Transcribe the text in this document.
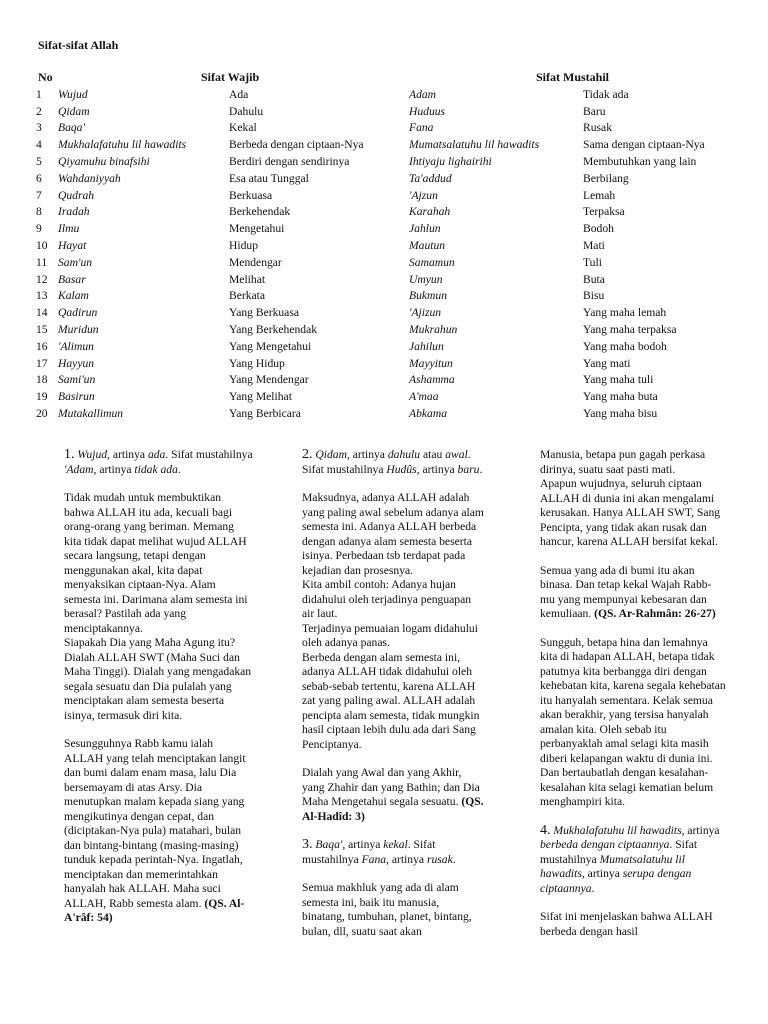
Sifat-sifat Allah
No	Sifat Wajib	Sifat Mustahil
1	Wujud	Ada	Adam	Tidak ada
2	Qidam	Dahulu	Huduus	Baru
3	Baqa'	Kekal	Fana	Rusak
4	Mukhalafatuhu lil hawadits	Berbeda dengan ciptaan-Nya	Mumatsalatuhu lil hawadits	Sama dengan ciptaan-Nya
5	Qiyamuhu binafsihi	Berdiri dengan sendirinya	Ihtiyaju lighairihi	Membutuhkan yang lain
6	Wahdaniyyah	Esa atau Tunggal	Ta'addud	Berbilang
7	Qudrah	Berkuasa	'Ajzun	Lemah
8	Iradah	Berkehendak	Karahah	Terpaksa
9	Ilmu	Mengetahui	Jahlun	Bodoh
10	Hayat	Hidup	Mautun	Mati
11	Sam'un	Mendengar	Samamun	Tuli
12	Basar	Melihat	Umyun	Buta
13	Kalam	Berkata	Bukmun	Bisu
14	Qadirun	Yang Berkuasa	'Ajizun	Yang maha lemah
15	Muridun	Yang Berkehendak	Mukrahun	Yang maha terpaksa
16	'Alimun	Yang Mengetahui	Jahilun	Yang maha bodoh
17	Hayyun	Yang Hidup	Mayyitun	Yang mati
18	Sami'un	Yang Mendengar	Ashamma	Yang maha tuli
19	Basirun	Yang Melihat	A'maa	Yang maha buta
20	Mutakallimun	Yang Berbicara	Abkama	Yang maha bisu

1. Wujud, artinya ada. Sifat mustahilnya 'Adam, artinya tidak ada.

Tidak mudah untuk membuktikan bahwa ALLAH itu ada, kecuali bagi orang-orang yang beriman. Memang kita tidak dapat melihat wujud ALLAH secara langsung, tetapi dengan menggunakan akal, kita dapat menyaksikan ciptaan-Nya. Alam semesta ini. Darimana alam semesta ini berasal? Pastilah ada yang menciptakannya.

Siapakah Dia yang Maha Agung itu?

Dialah ALLAH SWT (Maha Suci dan Maha Tinggi). Dialah yang mengadakan segala sesuatu dan Dia pulalah yang menciptakan alam semesta beserta isinya, termasuk diri kita.

Sesungguhnya Rabb kamu ialah ALLAH yang telah menciptakan langit dan bumi dalam enam masa, lalu Dia bersemayam di atas Arsy. Dia menutupkan malam kepada siang yang mengikutinya dengan cepat, dan (diciptakan-Nya pula) matahari, bulan dan bintang-bintang (masing-masing) tunduk kepada perintah-Nya. Ingatlah, menciptakan dan memerintahkan hanyalah hak ALLAH. Maha suci ALLAH, Rabb semesta alam. (QS. Al-A'râf: 54)

2. Qidam, artinya dahulu atau awal. Sifat mustahilnya Hudûs, artinya baru.

Maksudnya, adanya ALLAH adalah yang paling awal sebelum adanya alam semesta ini. Adanya ALLAH berbeda dengan adanya alam semesta beserta isinya. Perbedaan tsb terdapat pada kejadian dan prosesnya.

Kita ambil contoh: Adanya hujan didahului oleh terjadinya penguapan air laut.

Terjadinya pemuaian logam didahului oleh adanya panas.

Berbeda dengan alam semesta ini, adanya ALLAH tidak didahului oleh sebab-sebab tertentu, karena ALLAH zat yang paling awal. ALLAH adalah pencipta alam semesta, tidak mungkin hasil ciptaan lebih dulu ada dari Sang Penciptanya.

Dialah yang Awal dan yang Akhir, yang Zhahir dan yang Bathin; dan Dia Maha Mengetahui segala sesuatu. (QS. Al-Hadîd: 3)

3. Baqa', artinya kekal. Sifat mustahilnya Fana, artinya rusak.

Semua makhluk yang ada di alam semesta ini, baik itu manusia, binatang, tumbuhan, planet, bintang, bulan, dll, suatu saat akan

Manusia, betapa pun gagah perkasa dirinya, suatu saat pasti mati.

Apapun wujudnya, seluruh ciptaan ALLAH di dunia ini akan mengalami kerusakan. Hanya ALLAH SWT, Sang Pencipta, yang tidak akan rusak dan hancur, karena ALLAH bersifat kekal.

Semua yang ada di bumi itu akan binasa. Dan tetap kekal Wajah Rabb-mu yang mempunyai kebesaran dan kemuliaan. (QS. Ar-Rahmân: 26-27)

Sungguh, betapa hina dan lemahnya kita di hadapan ALLAH, betapa tidak patutnya kita berbangga diri dengan kehebatan kita, karena segala kehebatan itu hanyalah sementara. Kelak semua akan berakhir, yang tersisa hanyalah amalan kita. Oleh sebab itu perbanyaklah amal selagi kita masih diberi kelapangan waktu di dunia ini. Dan bertaubatlah dengan kesalahan-kesalahan kita selagi kematian belum menghampiri kita.

4. Mukhalafatuhu lil hawadits, artinya berbeda dengan ciptaannya. Sifat mustahilnya Mumatsalatuhu lil hawadits, artinya serupa dengan ciptaannya.

Sifat ini menjelaskan bahwa ALLAH berbeda dengan hasil
